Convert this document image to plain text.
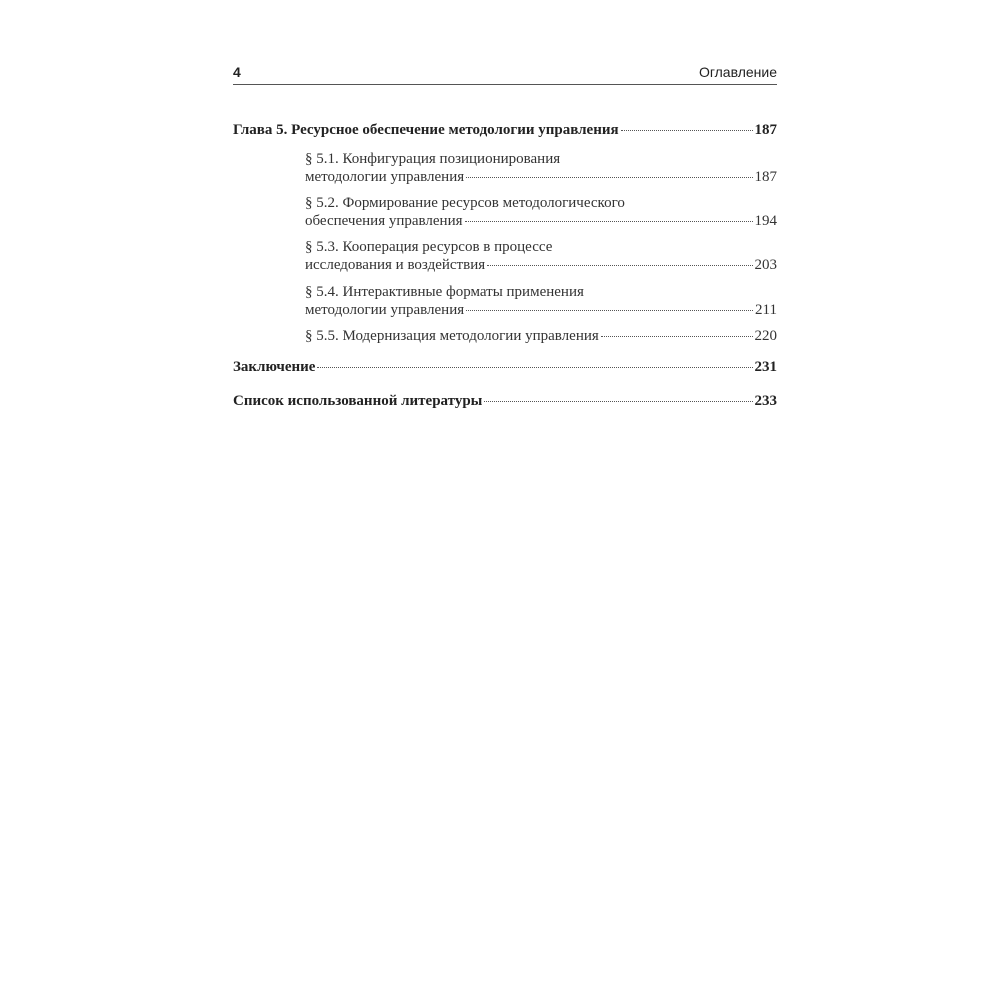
4	Оглавление
Глава 5. Ресурсное обеспечение методологии управления	187
§ 5.1. Конфигурация позиционирования
методологии управления	187
§ 5.2. Формирование ресурсов методологического
обеспечения управления	194
§ 5.3. Кооперация ресурсов в процессе
исследования и воздействия	203
§ 5.4. Интерактивные форматы применения
методологии управления	211
§ 5.5. Модернизация методологии управления	220
Заключение	231
Список использованной литературы	233
